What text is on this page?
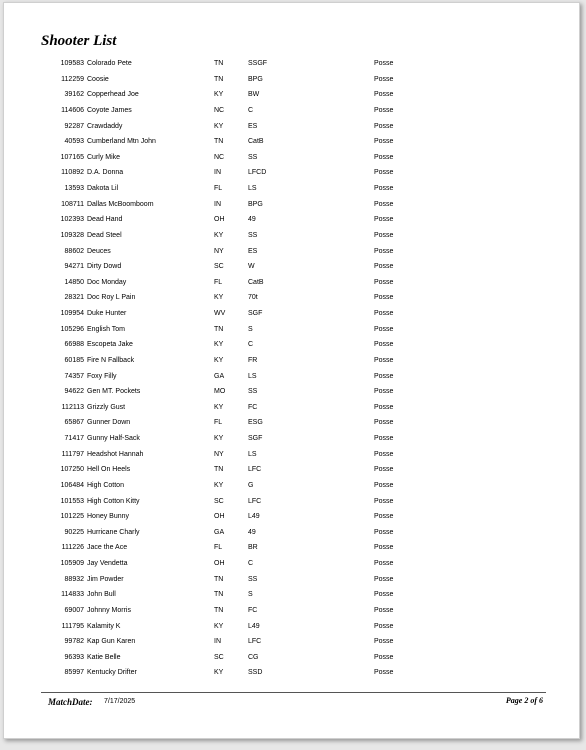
Shooter List
109583 Colorado Pete	TN	SSGF	Posse
112259 Coosie	TN	BPG	Posse
39162 Copperhead Joe	KY	BW	Posse
114606 Coyote James	NC	C	Posse
92287 Crawdaddy	KY	ES	Posse
40593 Cumberland Mtn John	TN	CatB	Posse
107165 Curly Mike	NC	SS	Posse
110892 D.A. Donna	IN	LFCD	Posse
13593 Dakota Lil	FL	LS	Posse
108711 Dallas McBoomboom	IN	BPG	Posse
102393 Dead Hand	OH	49	Posse
109328 Dead Steel	KY	SS	Posse
88602 Deuces	NY	ES	Posse
94271 Dirty Dowd	SC	W	Posse
14850 Doc Monday	FL	CatB	Posse
28321 Doc Roy L Pain	KY	70t	Posse
109954 Duke Hunter	WV	SGF	Posse
105296 English Tom	TN	S	Posse
66988 Escopeta Jake	KY	C	Posse
60185 Fire N Fallback	KY	FR	Posse
74357 Foxy Filly	GA	LS	Posse
94622 Gen MT. Pockets	MO	SS	Posse
112113 Grizzly Gust	KY	FC	Posse
65867 Gunner Down	FL	ESG	Posse
71417 Gunny Half-Sack	KY	SGF	Posse
111797 Headshot Hannah	NY	LS	Posse
107250 Hell On Heels	TN	LFC	Posse
106484 High Cotton	KY	G	Posse
101553 High Cotton Kitty	SC	LFC	Posse
101225 Honey Bunny	OH	L49	Posse
90225 Hurricane Charly	GA	49	Posse
111226 Jace the Ace	FL	BR	Posse
105909 Jay Vendetta	OH	C	Posse
88932 Jim Powder	TN	SS	Posse
114833 John Bull	TN	S	Posse
69007 Johnny Morris	TN	FC	Posse
111795 Kalamity K	KY	L49	Posse
99782 Kap Gun Karen	IN	LFC	Posse
96393 Katie Belle	SC	CG	Posse
85997 Kentucky Drifter	KY	SSD	Posse
MatchDate: 7/17/2025	Page 2 of 6
